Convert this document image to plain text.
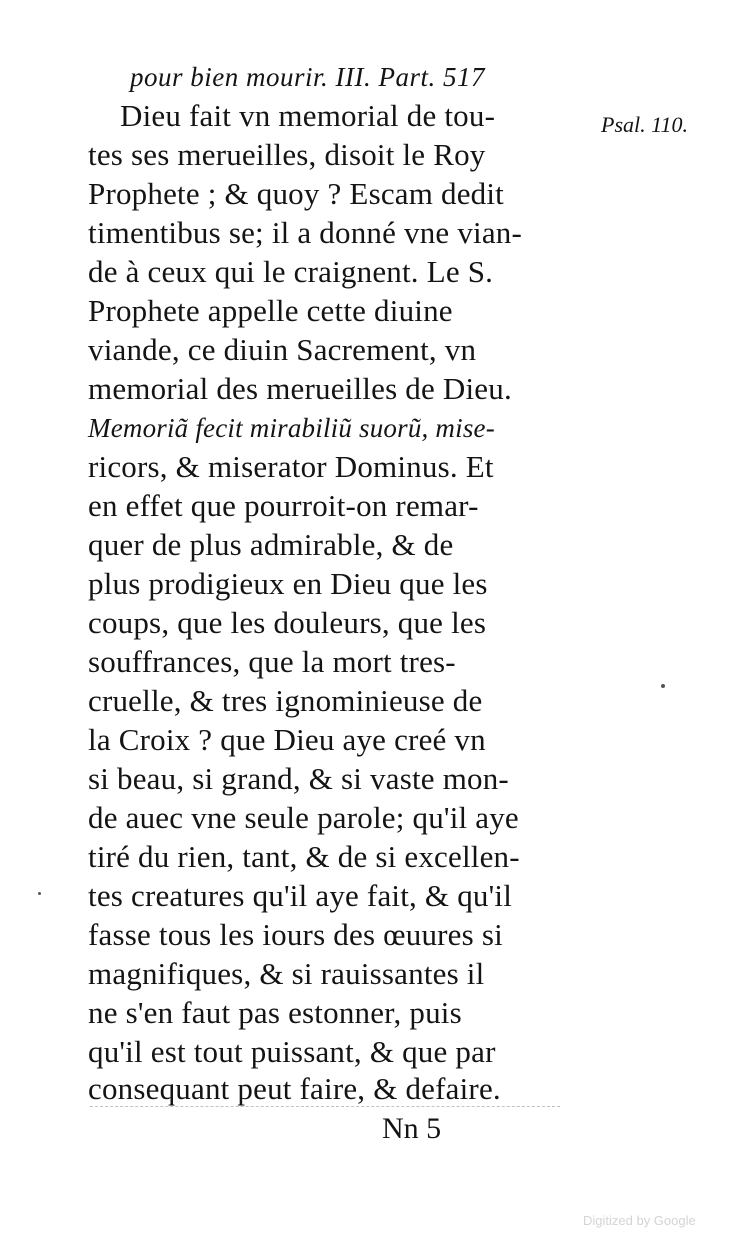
pour bien mourir. III. Part. 517
Psal. 110.
Dieu fait vn memorial de tou-
tes ses merueilles, disoit le Roy
Prophete ; & quoy ? Escam dedit
timentibus se; il a donné vne vian-
de à ceux qui le craignent. Le S.
Prophete appelle cette diuine
viande, ce diuin Sacrement, vn
memorial des merueilles de Dieu.
Memoriã fecit mirabiliũ suorũ, mise-
ricors, & miserator Dominus. Et
en effet que pourroit-on remar-
quer de plus admirable, & de
plus prodigieux en Dieu que les
coups, que les douleurs, que les
souffrances, que la mort tres-
cruelle, & tres ignominieuse de
la Croix ? que Dieu aye creé vn
si beau, si grand, & si vaste mon-
de auec vne seule parole; qu'il aye
tiré du rien, tant, & de si excellen-
tes creatures qu'il aye fait, & qu'il
fasse tous les iours des œuures si
magnifiques, & si rauissantes il
ne s'en faut pas estonner, puis
qu'il est tout puissant, & que par
consequant peut faire, & defaire.
Nn 5
Digitized by Google
